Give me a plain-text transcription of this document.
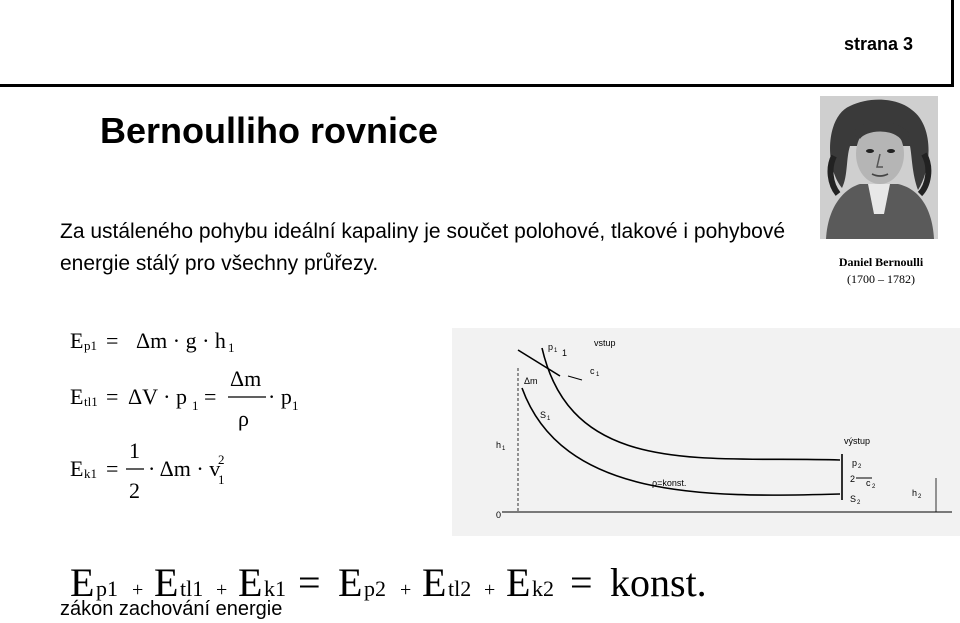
strana 3
Bernoulliho rovnice
Za ustáleného pohybu ideální kapaliny je součet polohové, tlakové i pohybové energie stálý pro všechny průřezy.	Daniel Bernoulli
(1700 – 1782)
E p1 = Δm · g · h 1
E tl1 = ΔV · p 1 =
Δm
ρ
· p 1
E k1 =
1
2
· Δm · v
1
2
p 1 1
vstup
Δm
c 1
S 1
h 1
výstup
p 2
2 c 2
S 2
h 2
ρ=konst.
0
E p1 + E tl1 + E k1 = E p2 + E tl2 + E k2 = konst.
zákon zachování energie
